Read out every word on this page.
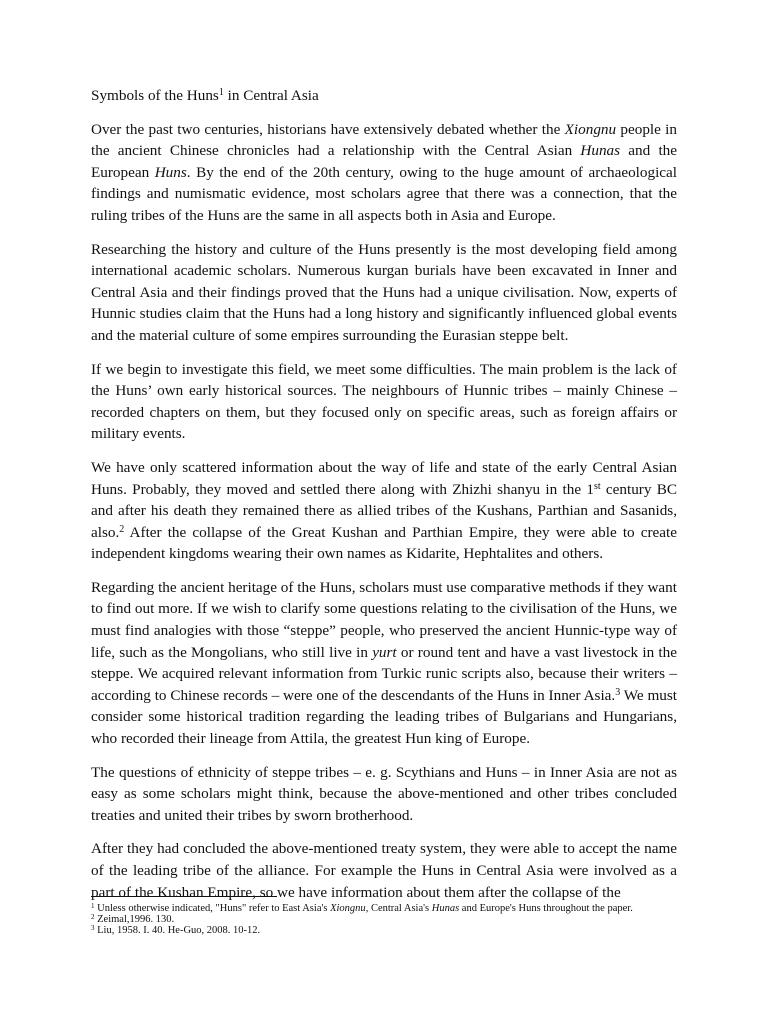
Symbols of the Huns$^1$ in Central Asia

Over the past two centuries, historians have extensively debated whether the Xiongnu people in the ancient Chinese chronicles had a relationship with the Central Asian Hunas and the European Huns. By the end of the 20th century, owing to the huge amount of archaeological findings and numismatic evidence, most scholars agree that there was a connection, that the ruling tribes of the Huns are the same in all aspects both in Asia and Europe.

Researching the history and culture of the Huns presently is the most developing field among international academic scholars. Numerous kurgan burials have been excavated in Inner and Central Asia and their findings proved that the Huns had a unique civilisation. Now, experts of Hunnic studies claim that the Huns had a long history and significantly influenced global events and the material culture of some empires surrounding the Eurasian steppe belt.

If we begin to investigate this field, we meet some difficulties. The main problem is the lack of the Huns’ own early historical sources. The neighbours of Hunnic tribes – mainly Chinese – recorded chapters on them, but they focused only on specific areas, such as foreign affairs or military events.

We have only scattered information about the way of life and state of the early Central Asian Huns. Probably, they moved and settled there along with Zhizhi shanyu in the 1st century BC and after his death they remained there as allied tribes of the Kushans, Parthian and Sasanids, also.$^2$ After the collapse of the Great Kushan and Parthian Empire, they were able to create independent kingdoms wearing their own names as Kidarite, Hephtalites and others.

Regarding the ancient heritage of the Huns, scholars must use comparative methods if they want to find out more. If we wish to clarify some questions relating to the civilisation of the Huns, we must find analogies with those “steppe” people, who preserved the ancient Hunnic-type way of life, such as the Mongolians, who still live in yurt or round tent and have a vast livestock in the steppe. We acquired relevant information from Turkic runic scripts also, because their writers – according to Chinese records – were one of the descendants of the Huns in Inner Asia.$^3$ We must consider some historical tradition regarding the leading tribes of Bulgarians and Hungarians, who recorded their lineage from Attila, the greatest Hun king of Europe.

The questions of ethnicity of steppe tribes – e. g. Scythians and Huns – in Inner Asia are not as easy as some scholars might think, because the above-mentioned and other tribes concluded treaties and united their tribes by sworn brotherhood.

After they had concluded the above-mentioned treaty system, they were able to accept the name of the leading tribe of the alliance. For example the Huns in Central Asia were involved as a part of the Kushan Empire, so we have information about them after the collapse of the

$^1$ Unless otherwise indicated, "Huns" refer to East Asia's Xiongnu, Central Asia's Hunas and Europe's Huns throughout the paper.

$^2$ Zeimal,1996. 130.

$^3$ Liu, 1958. I. 40. He-Guo, 2008. 10-12.
